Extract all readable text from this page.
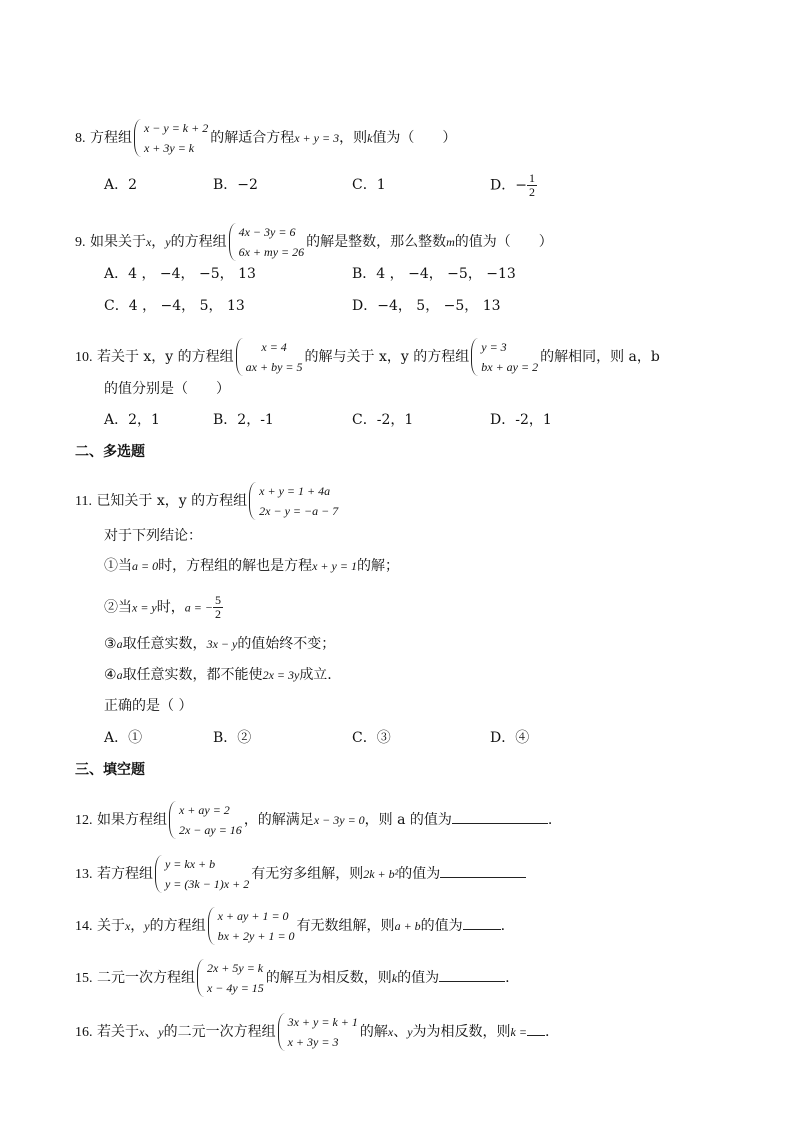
8. 方程组
x − y = k + 2
x + 3y = k
的解适合方程x + y = 3，则k值为（　　）
A．2	B．−2	C．1	D．− $\frac{1}{2}$
9. 如果关于x，y的方程组
4x − 3y = 6
6x + my = 26
的解是整数，那么整数m的值为（　　）
A．4 ， −4， −5， 13	B．4 ， −4， −5， −13
C．4 ， −4， 5， 13	D．−4， 5， −5， 13
10. 若关于 x，y 的方程组
x = 4
ax + by = 5
的解与关于 x，y 的方程组
y = 3
bx + ay = 2
的解相同，则 a，b
的值分别是（　　）
A．2，1	B．2，-1	C．-2，1	D．-2，1
二、多选题
11. 已知关于 x，y 的方程组
x + y = 1 + 4a
2x − y = −a − 7
对于下列结论：
①当a = 0时，方程组的解也是方程x + y = 1的解；
②当x = y时，a = − $\frac{5}{2}$
③a取任意实数，3x − y的值始终不变；
④a取任意实数，都不能使2x = 3y成立.
正确的是（ ）
A．①	B．②	C．③	D．④
三、填空题
12. 如果方程组
x + ay = 2
2x − ay = 16
，的解满足x − 3y = 0，则 a 的值为	.
13. 若方程组
y = kx + b
y = (3k − 1)x + 2
有无穷多组解，则2k + b²的值为
14. 关于x，y的方程组
x + ay + 1 = 0
bx + 2y + 1 = 0
有无数组解，则a + b的值为	.
15. 二元一次方程组
2x + 5y = k
x − 4y = 15
的解互为相反数，则k的值为	.
16. 若关于x、y的二元一次方程组
3x + y = k + 1
x + 3y = 3
的解x、y为为相反数，则k = .
